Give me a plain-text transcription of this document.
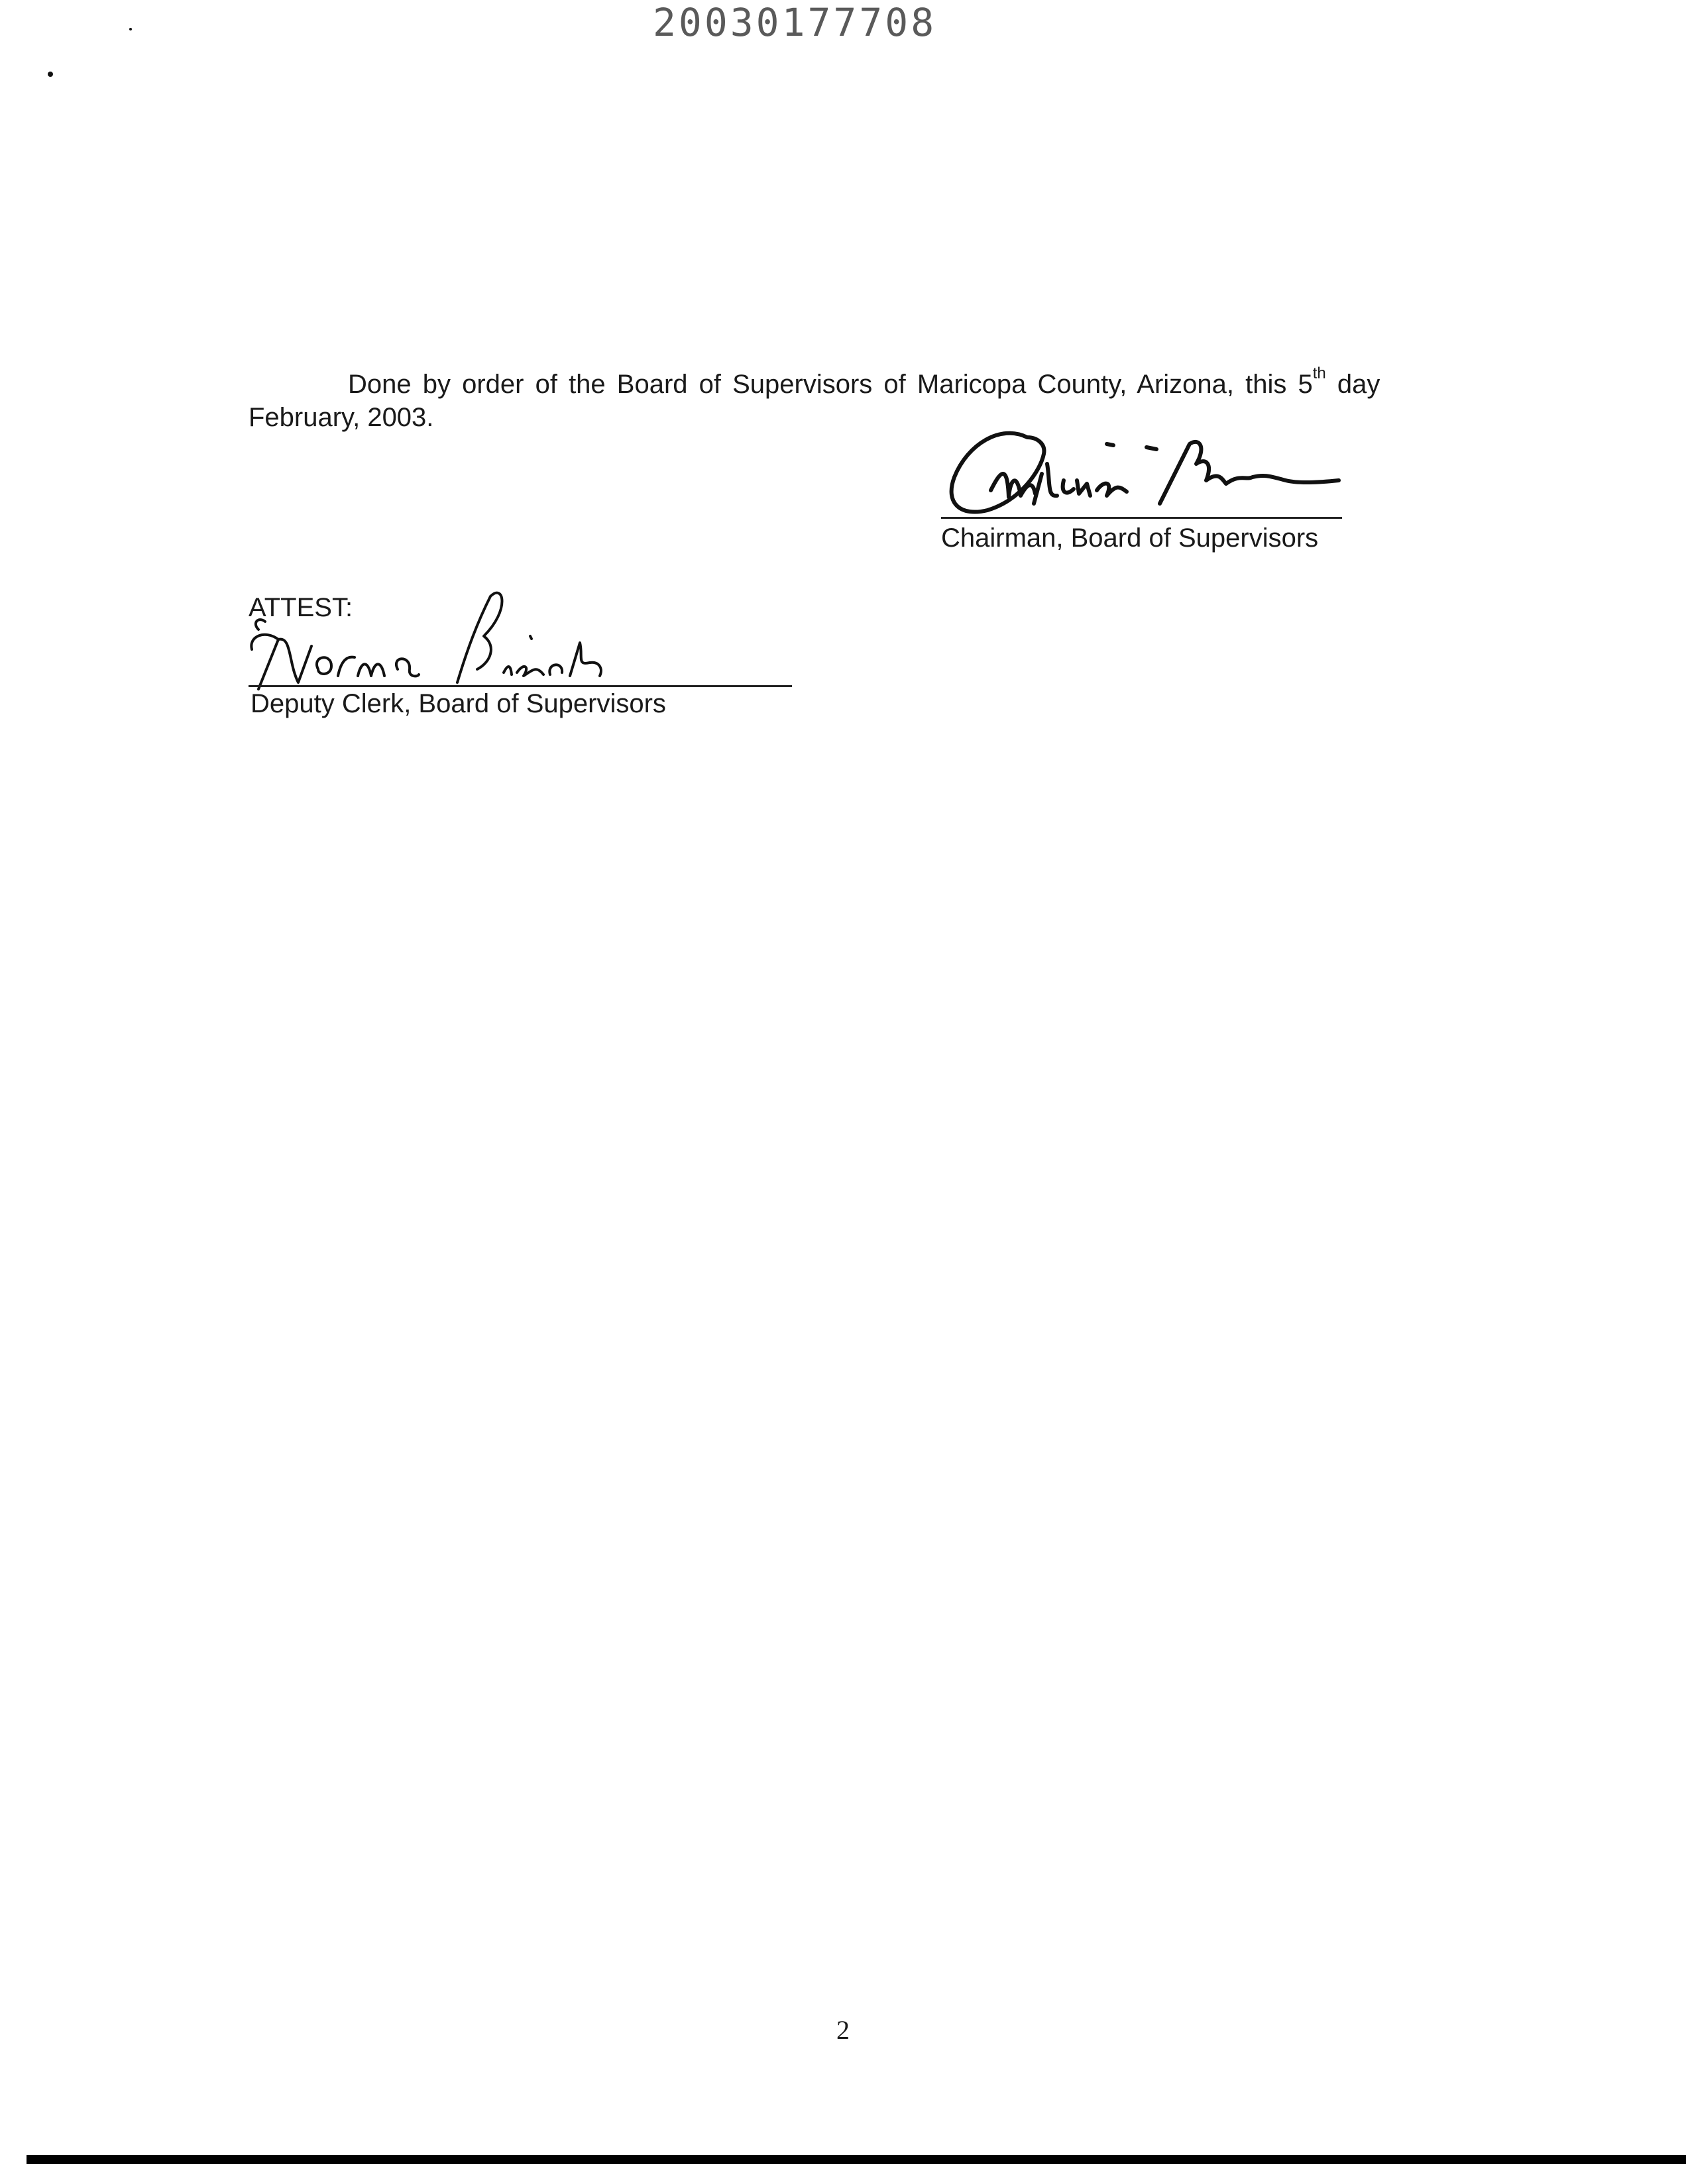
20030177708
Done by order of the Board of Supervisors of Maricopa County, Arizona, this 5th day
February, 2003.
Chairman, Board of Supervisors
ATTEST:
Deputy Clerk, Board of Supervisors
2
